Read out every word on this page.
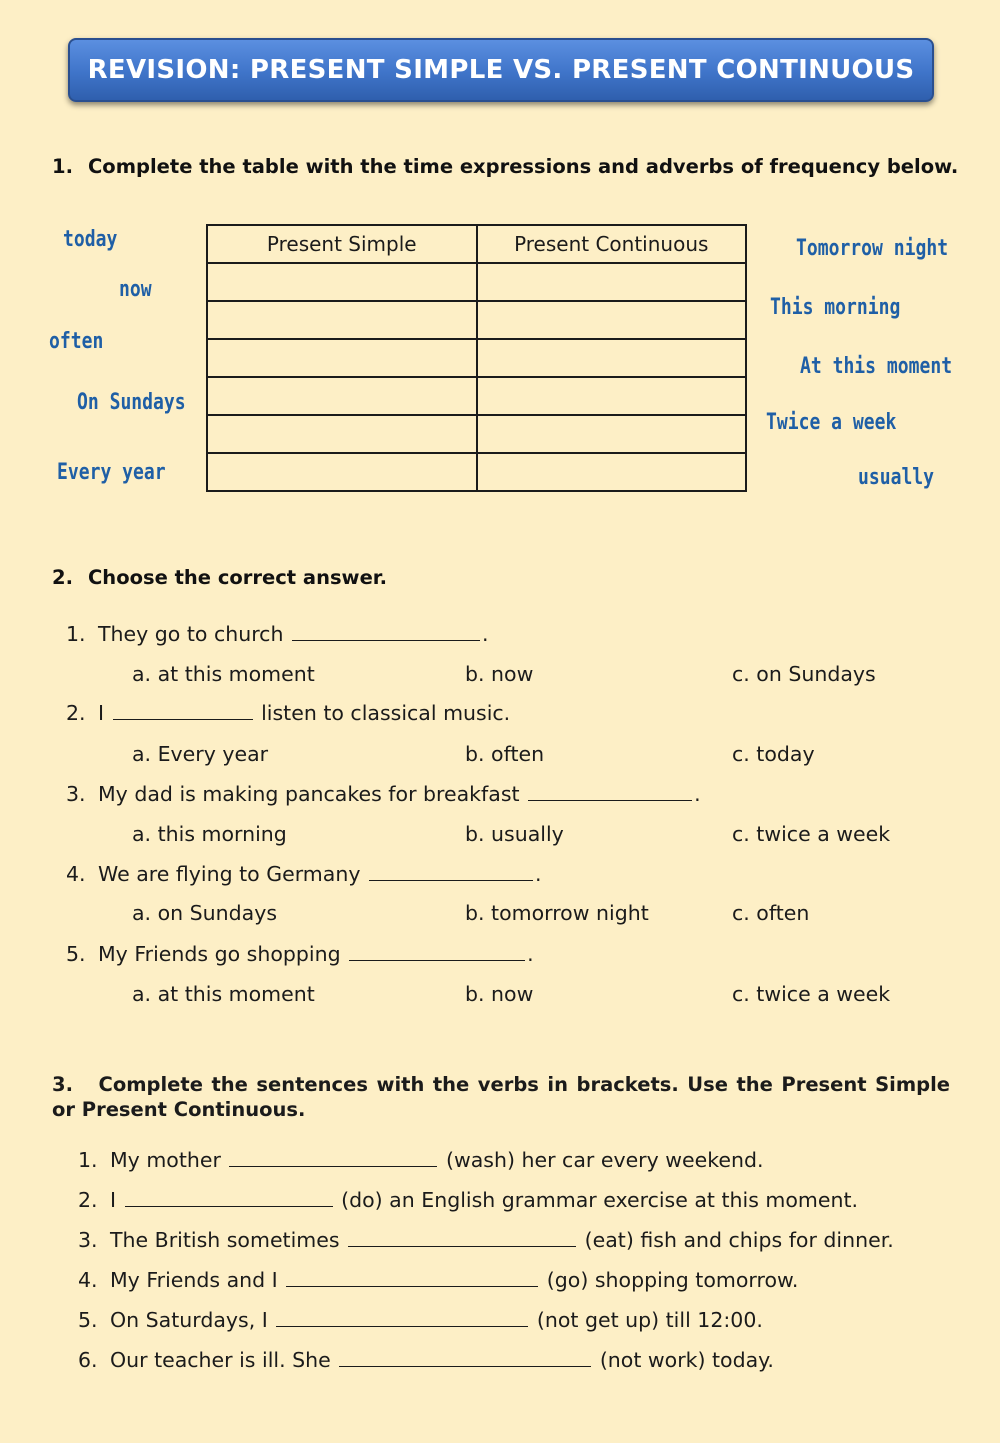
REVISION: PRESENT SIMPLE VS. PRESENT CONTINUOUS
1. Complete the table with the time expressions and adverbs of frequency below.
today
now
often
On Sundays
Every year
Tomorrow night
This morning
At this moment
Twice a week
usually
Present Simple	Present Continuous

2. Choose the correct answer.
1. They go to church	.
a. at this moment	b. now	c. on Sundays
2. I	listen to classical music.
a. Every year	b. often	c. today
3. My dad is making pancakes for breakfast	.
a. this morning	b. usually	c. twice a week
4. We are flying to Germany	.
a. on Sundays	b. tomorrow night	c. often
5. My Friends go shopping	.
a. at this moment	b. now	c. twice a week
3. Complete the sentences with the verbs in brackets. Use the Present Simple or Present Continuous.
1. My mother	(wash) her car every weekend.
2. I	(do) an English grammar exercise at this moment.
3. The British sometimes	(eat) fish and chips for dinner.
4. My Friends and I	(go) shopping tomorrow.
5. On Saturdays, I	(not get up) till 12:00.
6. Our teacher is ill. She	(not work) today.
